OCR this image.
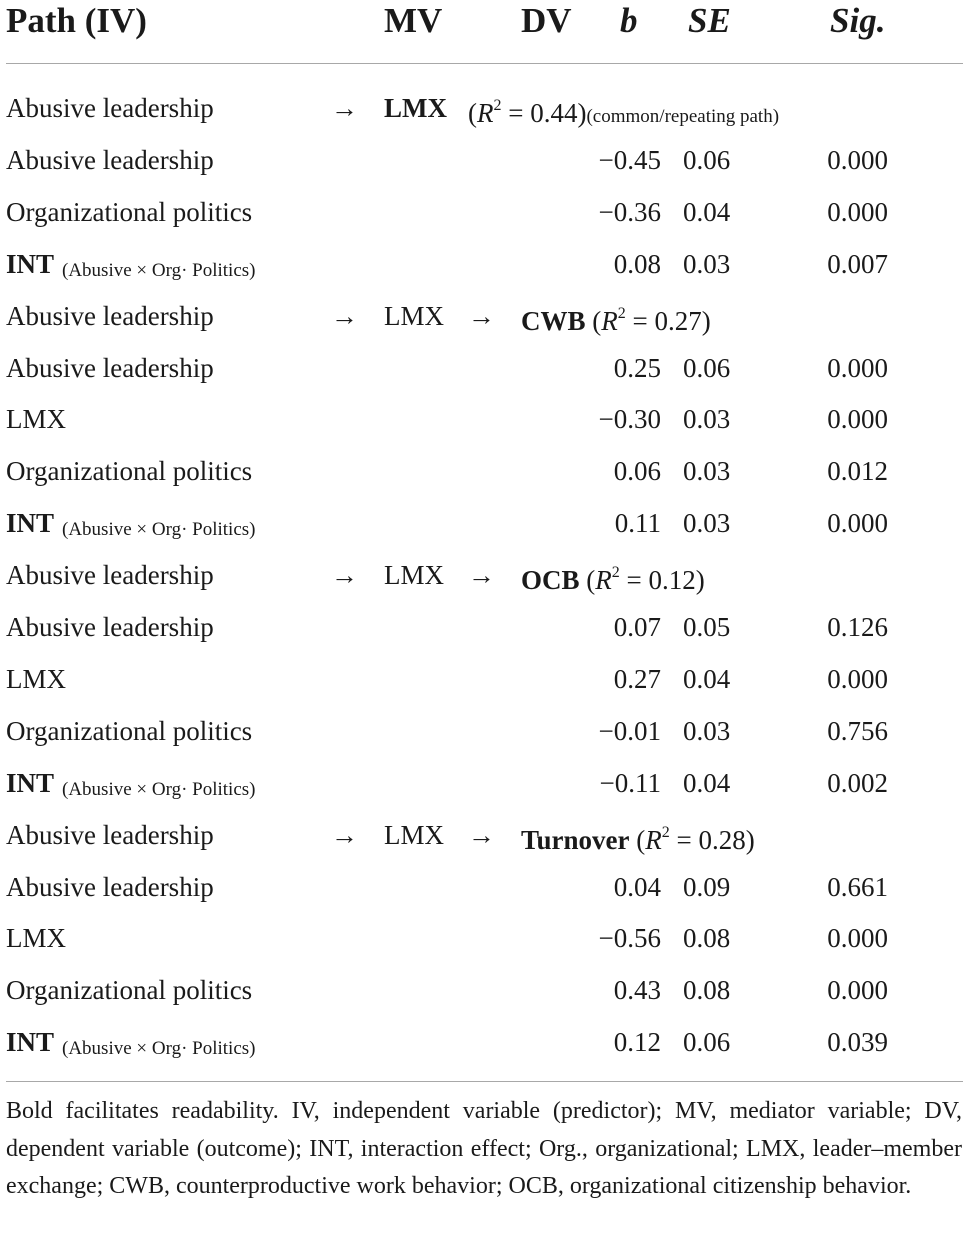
Path (IV)	MV DV b SE	Sig.
Abusive leadership	→ LMX ($R^2$ = 0.44)(common/repeating path)
Abusive leadership	−0.45 0.06	0.000
Organizational politics	−0.36 0.04	0.000
INT (Abusive × Org· Politics)	0.08 0.03	0.007
Abusive leadership	→ LMX → CWB $(R^2 = 0.27)$
Abusive leadership	0.25 0.06	0.000
LMX	−0.30 0.03	0.000
Organizational politics	0.06 0.03	0.012
INT (Abusive × Org· Politics)	0.11 0.03	0.000
Abusive leadership	→ LMX → OCB $(R^2 = 0.12)$
Abusive leadership	0.07 0.05	0.126
LMX	0.27 0.04	0.000
Organizational politics	−0.01 0.03	0.756
INT (Abusive × Org· Politics)	−0.11 0.04	0.002
Abusive leadership	→ LMX → Turnover $(R^2 = 0.28)$
Abusive leadership	0.04 0.09	0.661
LMX	−0.56 0.08	0.000
Organizational politics	0.43 0.08	0.000
INT (Abusive × Org· Politics)	0.12 0.06	0.039
Bold facilitates readability. IV, independent variable (predictor); MV, mediator variable; DV, dependent variable (outcome); INT, interaction effect; Org., organizational; LMX, leader–member exchange; CWB, counterproductive work behavior; OCB, organizational citizenship behavior.
